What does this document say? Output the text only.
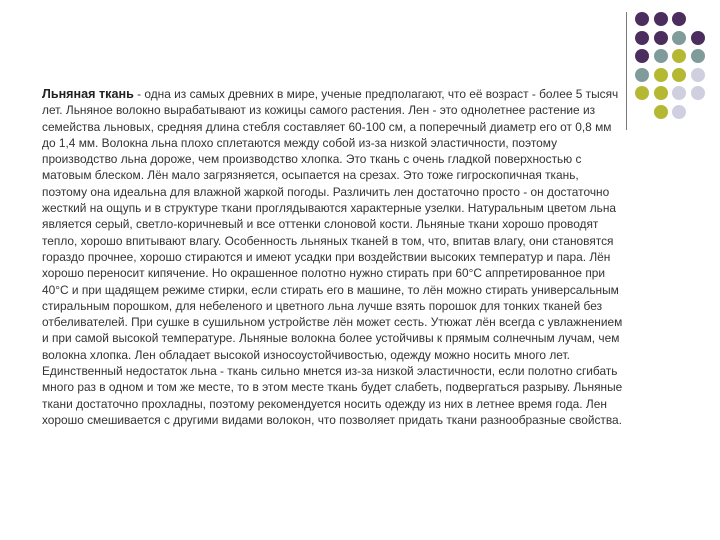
Льняная ткань - одна из самых древних в мире, ученые предполагают, что её возраст - более 5 тысяч лет. Льняное волокно вырабатывают из кожицы самого растения. Лен - это однолетнее растение из семейства льновых, средняя длина стебля составляет 60-100 см, а поперечный диаметр его от 0,8 мм до 1,4 мм. Волокна льна плохо сплетаются между собой из-за низкой эластичности, поэтому производство льна дороже, чем производство хлопка. Это ткань с очень гладкой поверхностью с матовым блеском. Лён мало загрязняется, осыпается на срезах. Это тоже гигроскопичная ткань, поэтому она идеальна для влажной жаркой погоды. Различить лен достаточно просто - он достаточно жесткий на ощупь и в структуре ткани проглядываются характерные узелки. Натуральным цветом льна является серый, светло-коричневый и все оттенки слоновой кости. Льняные ткани хорошо проводят тепло, хорошо впитывают влагу. Особенность льняных тканей в том, что, впитав влагу, они становятся гораздо прочнее, хорошо стираются и имеют усадки при воздействии высоких температур и пара. Лён хорошо переносит кипячение. Но окрашенное полотно нужно стирать при 60°С аппретированное при 40°С и при щадящем режиме стирки, если стирать его в машине, то лён можно стирать универсальным стиральным порошком, для небеленого и цветного льна лучше взять порошок для тонких тканей без отбеливателей. При сушке в сушильном устройстве лён может сесть. Утюжат лён всегда с увлажнением и при самой высокой температуре. Льняные волокна более устойчивы к прямым солнечным лучам, чем волокна хлопка. Лен обладает высокой износоустойчивостью, одежду можно носить много лет. Единственный недостаток льна - ткань сильно мнется из-за низкой эластичности, если полотно сгибать много раз в одном и том же месте, то в этом месте ткань будет слабеть, подвергаться разрыву. Льняные ткани достаточно прохладны, поэтому рекомендуется носить одежду из них в летнее время года. Лен хорошо смешивается с другими видами волокон, что позволяет придать ткани разнообразные свойства.
